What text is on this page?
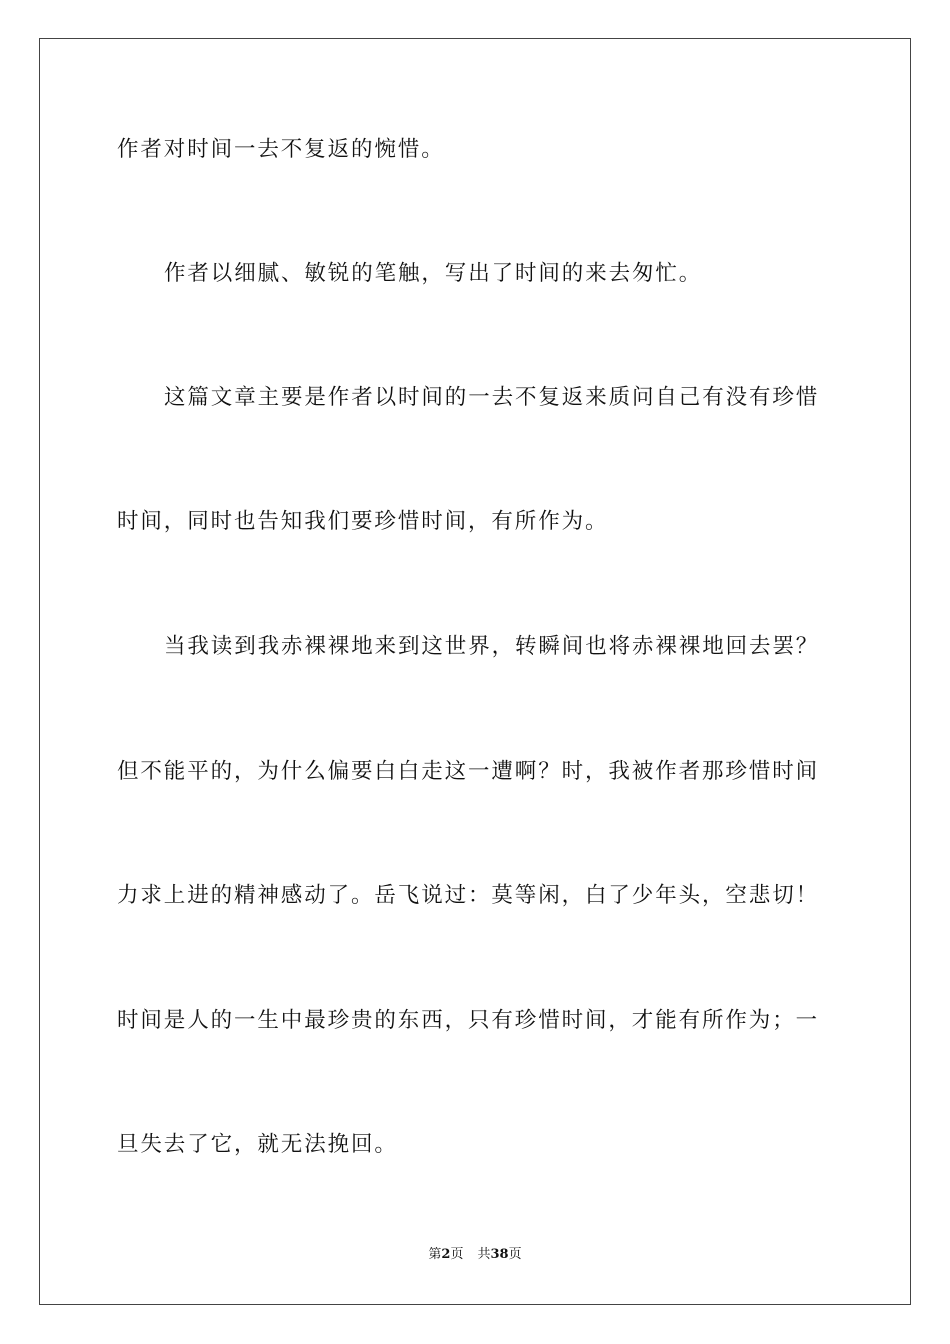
作者对时间一去不复返的惋惜。
作者以细腻、敏锐的笔触，写出了时间的来去匆忙。
这篇文章主要是作者以时间的一去不复返来质问自己有没有珍惜
时间，同时也告知我们要珍惜时间，有所作为。
当我读到我赤裸裸地来到这世界，转瞬间也将赤裸裸地回去罢？
但不能平的，为什么偏要白白走这一遭啊？时，我被作者那珍惜时间
力求上进的精神感动了。岳飞说过：莫等闲，白了少年头，空悲切！
时间是人的一生中最珍贵的东西，只有珍惜时间，才能有所作为；一
旦失去了它，就无法挽回。
第2页 共38页
